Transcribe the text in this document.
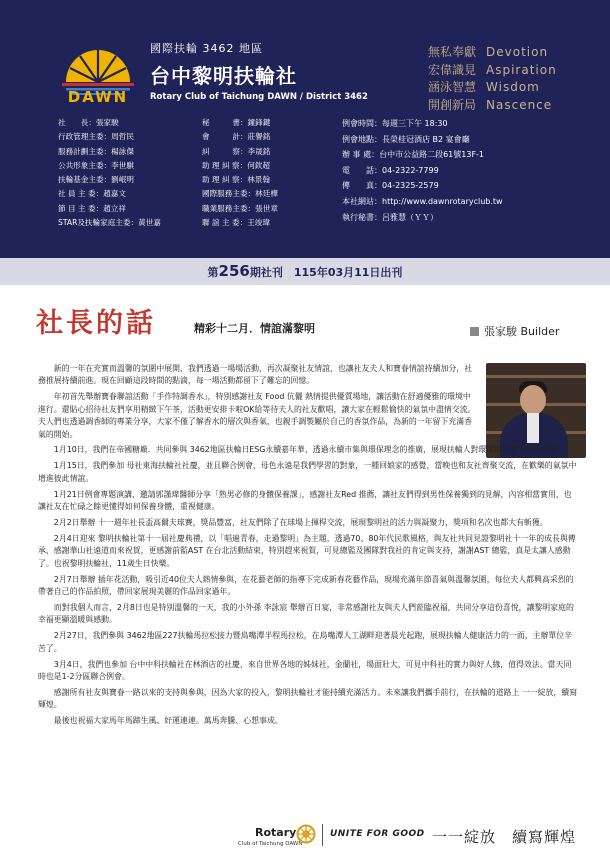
DAWN
國際扶輪 3462 地區
台中黎明扶輪社
Rotary Club of Taichung DAWN / District 3462
無私奉獻 Devotion
宏偉識見 Aspiration
涵泳智慧 Wisdom
開創新局 Nascence
社　　長：張家駿
行政管理主委：周哲民
服務計劃主委：楊詠傑
公共形象主委：李世騏
扶輪基金主委：劉岷明
社 員 主 委：趙嘉文
節 目 主 委：趙立祥
STAR及扶輪家庭主委：黃世嘉
秘　　　書：鐘鋒鍵
會　　　計：莊譽銘
糾　　　察：李晟銘
助 理 糾 察：何欽超
助 理 糾 察：林景翰
國際服務主委：林廷樺
職業服務主委：張世章
聯 誼 主 委：王竣瑋
例會時間：每週三下午 18:30
例會地點：長榮桂冠酒店 B2 宴會廳
辦 事 處：台中市公益路二段61號13F-1
電　　話：04-2322-7799
傳　　真：04-2325-2579
本社網站：http://www.dawnrotaryclub.tw
執行秘書：呂雅慧（ＹＹ）
第256期社刊　115年03月11日出刊
社長的話	精彩十二月．情誼滿黎明	張家駿 Builder

新的一年在充實而溫馨的氛圍中展開，我們透過一場場活動，再次凝聚社友情誼，也讓社友夫人和寶眷情誼持續加分，社務推展持續前進。現在回顧這段時間的點滴，每一場活動都留下了難忘的回憶。

年初首先舉辦寶眷聯誼活動「手作特調香水」，特別感謝社友 Food 伉儷 熱情提供優質場地，讓活動在舒適優雅的環境中進行。還貼心招待社友們享用精緻下午茶，活動更安排卡啦OK給等待夫人的社友歡唱，讓大家在輕鬆愉快的氣氛中盡情交流。夫人們也透過調香師的專業分享，大家不僅了解香水的層次與香氣，也親手調製屬於自己的香氛作品，為新的一年留下充滿香氣的開始。

1月10日，我們在帝國糖廠．共同參與 3462地區扶輪日ESG永續嘉年華，透過永續市集與環保理念的推廣，展現扶輪人對環境與社會責任的重視。

1月15日，我們參加 母社東海扶輪社社慶，並且聯合例會，母色永遠是我們學習的對象，一種回娘家的感覺，當晚也和友社齊聚交流，在歡樂的氣氛中增進彼此情誼。

1月21日例會專題演講，邀請郭謹瑋醫師分享「熟男必修的身體保養課」，感謝社友Red 推薦，讓社友們得到男性保養獨到的見解，內容相當實用，也讓社友在忙碌之餘更懂得如何保養身體，重視健康。

2月2日舉辦 十一週年社長盃高爾夫球賽，獎品豐富，社友們除了在球場上揮桿交流，展現黎明社的活力與凝聚力，獎項和名次也都大有斬獲。

2月4日迎來 黎明扶輪社第十一屆社慶典禮，以「唱遍青春，走過黎明」為主題，透過70、80年代民歌風格，與友社共同見證黎明社十一年的成長與傳承，感謝華山社遠道而來祝賀，更感謝前監AST 在台北活動結束，特別趕來祝賀，可見總監及團隊對我社的肯定與支持，謝謝AST 總監，真是太讓人感動了。也祝黎明扶輪社，11歲生日快樂。

2月7日舉辦 插年花活動，吸引近40位夫人熱情參與，在花藝老師的指導下完成新春花藝作品，現場充滿年節喜氣與溫馨氛圍，每位夫人都興高采烈的帶著自己的作品拍照，帶回家展現美麗的作品回家過年。

而對我個人而言，2月8日也是特別溫馨的一天，我的小外孫 李詠宸 舉辦百日宴，非常感謝社友與夫人們蒞臨祝福，共同分享這份喜悅，讓黎明家庭的幸福更顯溫暖與感動。

2月27日，我們參與 3462地區227扶輪馬拉松接力暨鳥嘴潭半程馬拉松，在鳥嘴潭人工湖畔迎著晨光起跑，展現扶輪人健康活力的一面，主辦單位辛苦了。

3月4日，我們也參加 台中中科扶輪社在林酒店的社慶，來自世界各地的姊妹社，金蘭社，場面壯大，可見中科社的實力與好人緣，值得效法。當天同時也是1-2分區聯合例會。

感謝所有社友與寶眷一路以來的支持與參與，因為大家的投入，黎明扶輪社才能持續充滿活力。未來讓我們攜手前行，在扶輪的道路上 一一綻放，續寫輝煌。

最後也祝福大家馬年馬蹄生風、好運連連。萬馬奔騰、心想事成。

Rotary
Club of Taichung DAWN
UNITE FOR GOOD 一一綻放　續寫輝煌
